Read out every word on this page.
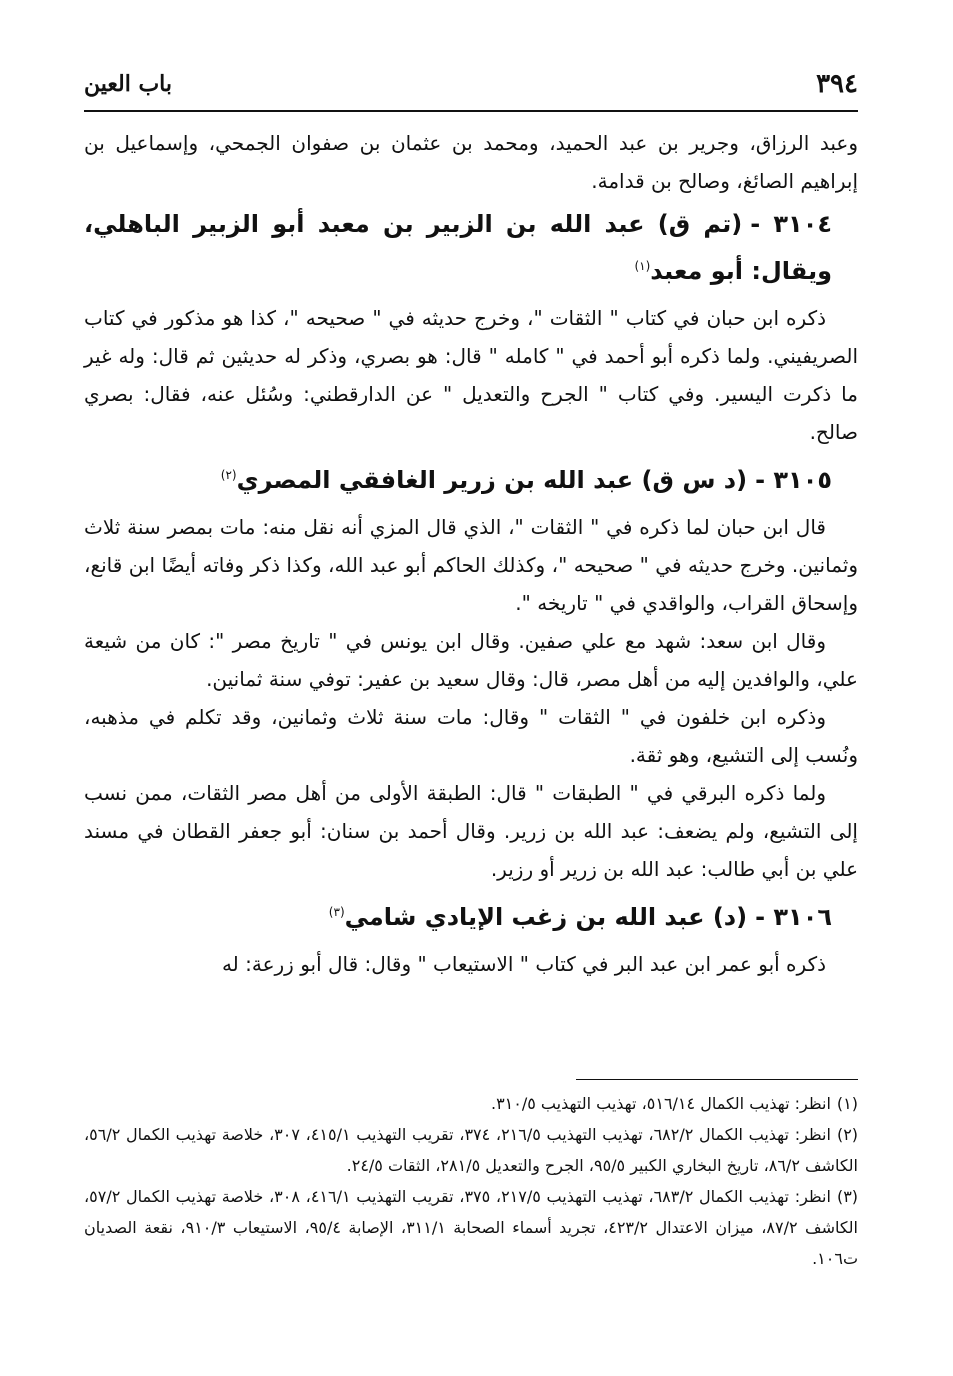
٣٩٤
باب العين

وعبد الرزاق، وجرير بن عبد الحميد، ومحمد بن عثمان بن صفوان الجمحي، وإسماعيل بن إبراهيم الصائغ، وصالح بن قدامة.

٣١٠٤ -(تم ق) عبد الله بن الزبير بن معبد أبو الزبير الباهلي، ويقال: أبو معبد$^{(١)}$

ذكره ابن حبان في كتاب " الثقات "، وخرج حديثه في " صحيحه "، كذا هو مذكور في كتاب الصريفيني. ولما ذكره أبو أحمد في " كامله " قال: هو بصري، وذكر له حديثين ثم قال: وله غير ما ذكرت اليسير. وفي كتاب " الجرح والتعديل " عن الدارقطني: وسُئل عنه، فقال: بصري صالح.

٣١٠٥ -(د س ق) عبد الله بن زرير الغافقي المصري$^{(٢)}$

قال ابن حبان لما ذكره في " الثقات "، الذي قال المزي أنه نقل منه: مات بمصر سنة ثلاث وثمانين. وخرج حديثه في " صحيحه "، وكذلك الحاكم أبو عبد الله، وكذا ذكر وفاته أيضًا ابن قانع، وإسحاق القراب، والواقدي في " تاريخه ".

وقال ابن سعد: شهد مع علي صفين. وقال ابن يونس في " تاريخ مصر ": كان من شيعة علي، والوافدين إليه من أهل مصر، قال: وقال سعيد بن عفير: توفي سنة ثمانين.

وذكره ابن خلفون في " الثقات " وقال: مات سنة ثلاث وثمانين، وقد تكلم في مذهبه، ونُسب إلى التشيع، وهو ثقة.

ولما ذكره البرقي في " الطبقات " قال: الطبقة الأولى من أهل مصر الثقات، ممن نسب إلى التشيع، ولم يضعف: عبد الله بن زرير. وقال أحمد بن سنان: أبو جعفر القطان في مسند علي بن أبي طالب: عبد الله بن زرير أو رزير.

٣١٠٦ -(د) عبد الله بن زغب الإيادي شامي$^{(٣)}$

ذكره أبو عمر ابن عبد البر في كتاب " الاستيعاب " وقال: قال أبو زرعة: له

(١)انظر: تهذيب الكمال ٥١٦/١٤، تهذيب التهذيب ٣١٠/٥.

(٢)انظر: تهذيب الكمال ٦٨٢/٢، تهذيب التهذيب ٢١٦/٥، ٣٧٤، تقريب التهذيب ٤١٥/١، ٣٠٧، خلاصة تهذيب الكمال ٥٦/٢، الكاشف ٨٦/٢، تاريخ البخاري الكبير ٩٥/٥، الجرح والتعديل ٢٨١/٥، الثقات ٢٤/٥.

(٣)انظر: تهذيب الكمال ٦٨٣/٢، تهذيب التهذيب ٢١٧/٥، ٣٧٥، تقريب التهذيب ٤١٦/١، ٣٠٨، خلاصة تهذيب الكمال ٥٧/٢، الكاشف ٨٧/٢، ميزان الاعتدال ٤٢٣/٢، تجريد أسماء الصحابة ٣١١/١، الإصابة ٩٥/٤، الاستيعاب ٩١٠/٣، نقعة الصديان ت١٠٦.
